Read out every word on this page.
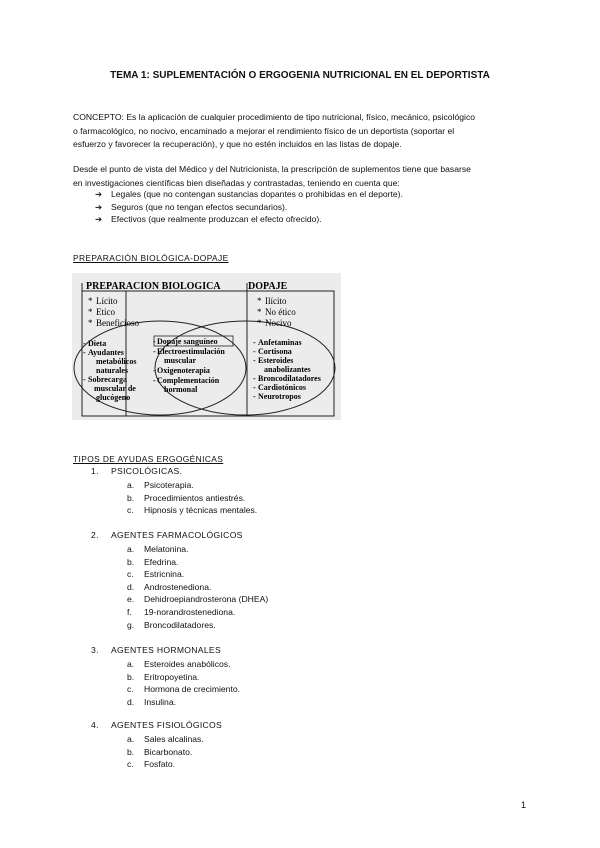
TEMA 1: SUPLEMENTACIÓN O ERGOGENIA NUTRICIONAL EN EL DEPORTISTA
CONCEPTO: Es la aplicación de cualquier procedimiento de tipo nutricional, físico, mecánico, psicológico
o farmacológico, no nocivo, encaminado a mejorar el rendimiento físico de un deportista (soportar el
esfuerzo y favorecer la recuperación), y que no estén incluidos en las listas de dopaje.
Desde el punto de vista del Médico y del Nutricionista, la prescripción de suplementos tiene que basarse
en investigaciones científicas bien diseñadas y contrastadas, teniendo en cuenta que:
➔	Legales (que no contengan sustancias dopantes o prohibidas en el deporte).
➔	Seguros (que no tengan efectos secundarios).
➔	Efectivos (que realmente produzcan el efecto ofrecido).
PREPARACIÓN BIOLÓGICA-DOPAJE
PREPARACION BIOLOGICA	DOPAJE
* Lícito
* Etico
* Beneficioso
* Ilícito
* No ético
* Nocivo
Dieta
Ayudantes
metabólicos
naturales
Sobrecarga
muscular de
glucógeno
-
-
-
Dopaje sanguíneo
Electroestimulación
muscular
Oxigenoterapia
Complementación
hormonal
-
-
-
-
Anfetaminas
Cortisona
Esteroides
anabolizantes
Broncodilatadores
Cardiotónicos
Neurotropos
-
-
-
-
-
-
TIPOS DE AYUDAS ERGOGÉNICAS
1. PSICOLÓGICAS.
a.	Psicoterapia.
b.	Procedimientos antiestrés.
c.	Hipnosis y técnicas mentales.
2. AGENTES FARMACOLÓGICOS
a.	Melatonina.
b.	Efedrina.
c.	Estricnina.
d.	Androstenediona.
e.	Dehidroepiandrosterona (DHEA)
f.	19-norandrostenediona.
g.	Broncodilatadores.
3. AGENTES HORMONALES
a.	Esteroides anabólicos.
b.	Eritropoyetina.
c.	Hormona de crecimiento.
d.	Insulina.
4. AGENTES FISIOLÓGICOS
a.	Sales alcalinas.
b.	Bicarbonato.
c.	Fosfato.
1
